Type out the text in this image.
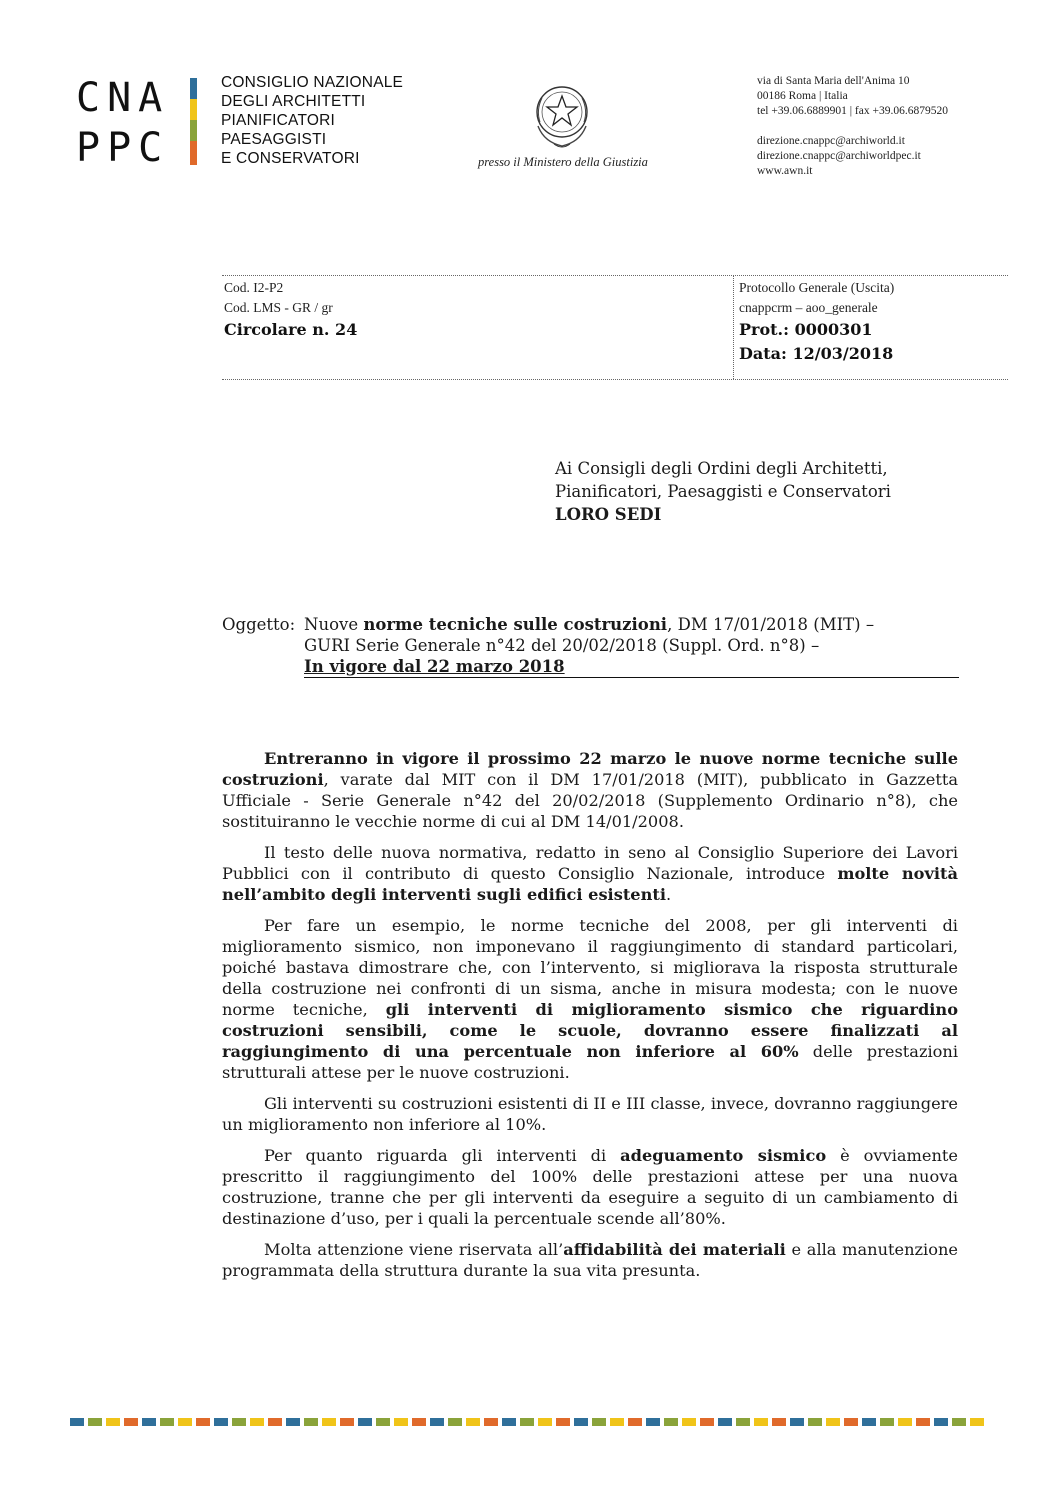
CNA
PPC
CONSIGLIO NAZIONALE
DEGLI ARCHITETTI
PIANIFICATORI
PAESAGGISTI
E CONSERVATORI	presso il Ministero della Giustizia
via di Santa Maria dell'Anima 10
00186 Roma | Italia
tel +39.06.6889901 | fax +39.06.6879520
direzione.cnappc@archiworld.it
direzione.cnappc@archiworldpec.it
www.awn.it
Cod. I2-P2
Cod. LMS - GR / gr
Circolare n. 24
Protocollo Generale (Uscita)
cnappcrm – aoo_generale
Prot.: 0000301
Data: 12/03/2018
Ai Consigli degli Ordini degli Architetti,
Pianificatori, Paesaggisti e Conservatori
LORO SEDI
Oggetto: Nuove norme tecniche sulle costruzioni, DM 17/01/2018 (MIT) –
GURI Serie Generale n°42 del 20/02/2018 (Suppl. Ord. n°8) –
In vigore dal 22 marzo 2018

Entreranno in vigore il prossimo 22 marzo le nuove norme tecniche sulle costruzioni, varate dal MIT con il DM 17/01/2018 (MIT), pubblicato in Gazzetta Ufficiale - Serie Generale n°42 del 20/02/2018 (Supplemento Ordinario n°8), che sostituiranno le vecchie norme di cui al DM 14/01/2008.

Il testo delle nuova normativa, redatto in seno al Consiglio Superiore dei Lavori Pubblici con il contributo di questo Consiglio Nazionale, introduce molte novità nell’ambito degli interventi sugli edifici esistenti.

Per fare un esempio, le norme tecniche del 2008, per gli interventi di miglioramento sismico, non imponevano il raggiungimento di standard particolari, poiché bastava dimostrare che, con l’intervento, si migliorava la risposta strutturale della costruzione nei confronti di un sisma, anche in misura modesta; con le nuove norme tecniche, gli interventi di miglioramento sismico che riguardino costruzioni sensibili, come le scuole, dovranno essere finalizzati al raggiungimento di una percentuale non inferiore al 60% delle prestazioni strutturali attese per le nuove costruzioni.

Gli interventi su costruzioni esistenti di II e III classe, invece, dovranno raggiungere un miglioramento non inferiore al 10%.

Per quanto riguarda gli interventi di adeguamento sismico è ovviamente prescritto il raggiungimento del 100% delle prestazioni attese per una nuova costruzione, tranne che per gli interventi da eseguire a seguito di un cambiamento di destinazione d’uso, per i quali la percentuale scende all’80%.

Molta attenzione viene riservata all’affidabilità dei materiali e alla manutenzione programmata della struttura durante la sua vita presunta.
